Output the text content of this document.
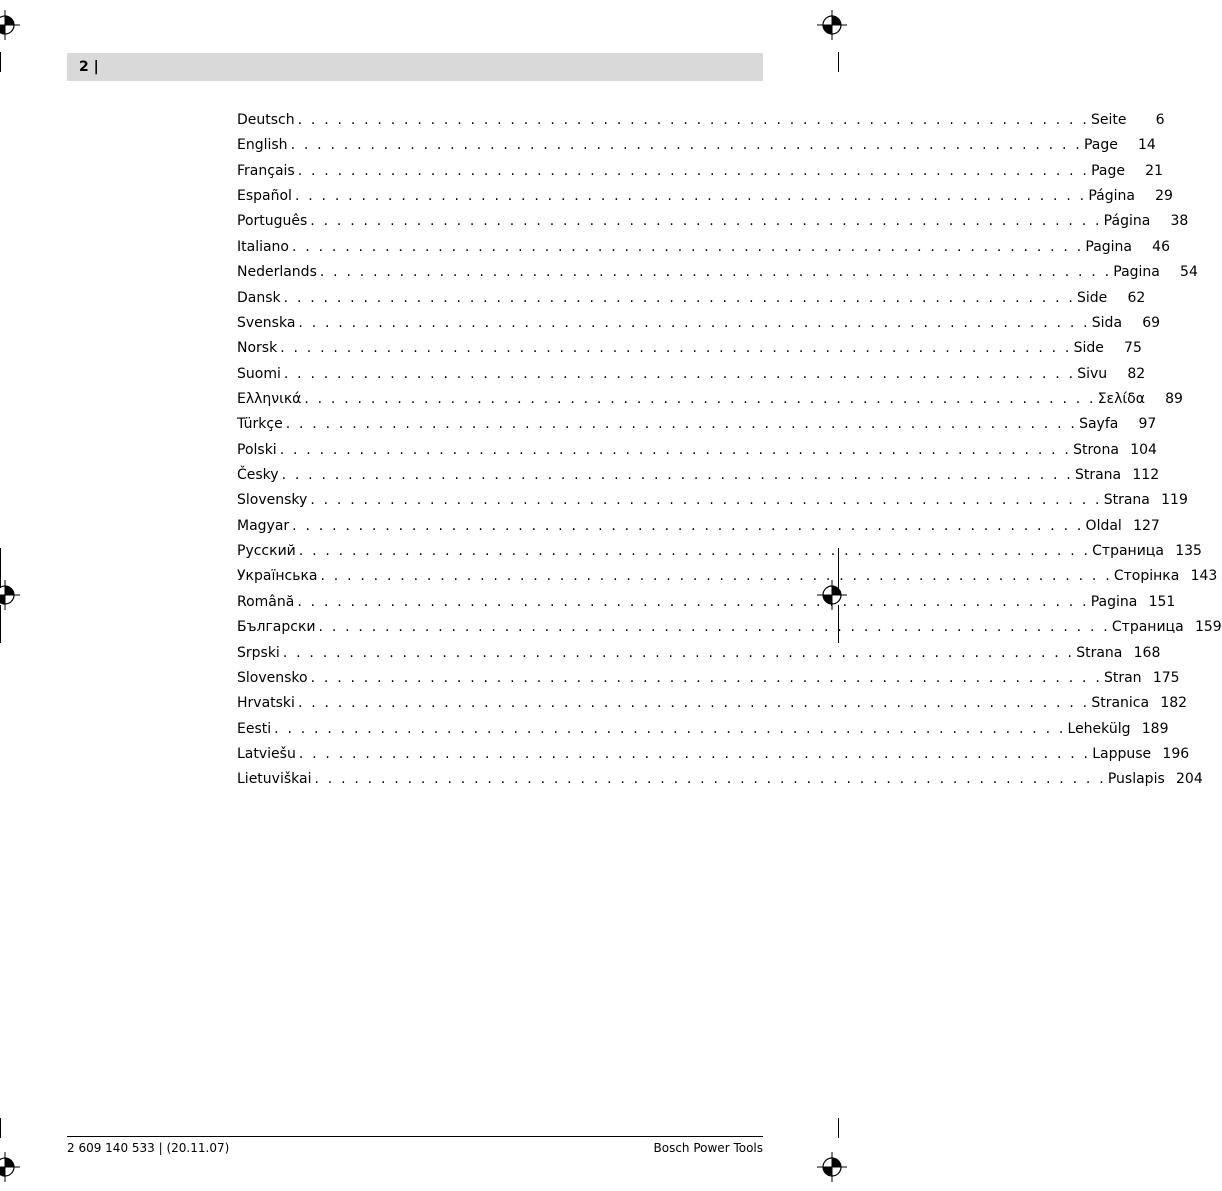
2 |
Deutsch . . . . . . . . . . . . . . . . . . . . . . . . . . . . . . . . . . . . . . . . . . . . . . . . . . . . . . . . . . . . Seite	6
English . . . . . . . . . . . . . . . . . . . . . . . . . . . . . . . . . . . . . . . . . . . . . . . . . . . . . . . . . . . . Page	14
Français . . . . . . . . . . . . . . . . . . . . . . . . . . . . . . . . . . . . . . . . . . . . . . . . . . . . . . . . . . . . Page	21
Español . . . . . . . . . . . . . . . . . . . . . . . . . . . . . . . . . . . . . . . . . . . . . . . . . . . . . . . . . . . . Página	29
Português . . . . . . . . . . . . . . . . . . . . . . . . . . . . . . . . . . . . . . . . . . . . . . . . . . . . . . . . . . . . Página	38
Italiano . . . . . . . . . . . . . . . . . . . . . . . . . . . . . . . . . . . . . . . . . . . . . . . . . . . . . . . . . . . . Pagina	46
Nederlands . . . . . . . . . . . . . . . . . . . . . . . . . . . . . . . . . . . . . . . . . . . . . . . . . . . . . . . . . . . . Pagina	54
Dansk . . . . . . . . . . . . . . . . . . . . . . . . . . . . . . . . . . . . . . . . . . . . . . . . . . . . . . . . . . . . Side	62
Svenska . . . . . . . . . . . . . . . . . . . . . . . . . . . . . . . . . . . . . . . . . . . . . . . . . . . . . . . . . . . . Sida	69
Norsk . . . . . . . . . . . . . . . . . . . . . . . . . . . . . . . . . . . . . . . . . . . . . . . . . . . . . . . . . . . . Side	75
Suomi . . . . . . . . . . . . . . . . . . . . . . . . . . . . . . . . . . . . . . . . . . . . . . . . . . . . . . . . . . . . Sivu	82
Ελληνικά . . . . . . . . . . . . . . . . . . . . . . . . . . . . . . . . . . . . . . . . . . . . . . . . . . . . . . . . . . . . Σελίδα	89
Türkçe . . . . . . . . . . . . . . . . . . . . . . . . . . . . . . . . . . . . . . . . . . . . . . . . . . . . . . . . . . . . Sayfa	97
Polski . . . . . . . . . . . . . . . . . . . . . . . . . . . . . . . . . . . . . . . . . . . . . . . . . . . . . . . . . . . . Strona 104
Česky . . . . . . . . . . . . . . . . . . . . . . . . . . . . . . . . . . . . . . . . . . . . . . . . . . . . . . . . . . . . Strana 112
Slovensky . . . . . . . . . . . . . . . . . . . . . . . . . . . . . . . . . . . . . . . . . . . . . . . . . . . . . . . . . . . . Strana 119
Magyar . . . . . . . . . . . . . . . . . . . . . . . . . . . . . . . . . . . . . . . . . . . . . . . . . . . . . . . . . . . . Oldal 127
Русский . . . . . . . . . . . . . . . . . . . . . . . . . . . . . . . . . . . . . . . . . . . . . . . . . . . . . . . . . . . . Страница 135
Українська . . . . . . . . . . . . . . . . . . . . . . . . . . . . . . . . . . . . . . . . . . . . . . . . . . . . . . . . . . . . Сторінка 143
Română . . . . . . . . . . . . . . . . . . . . . . . . . . . . . . . . . . . . . . . . . . . . . . . . . . . . . . . . . . . . Pagina 151
Български . . . . . . . . . . . . . . . . . . . . . . . . . . . . . . . . . . . . . . . . . . . . . . . . . . . . . . . . . . . . Страница 159
Srpski . . . . . . . . . . . . . . . . . . . . . . . . . . . . . . . . . . . . . . . . . . . . . . . . . . . . . . . . . . . . Strana 168
Slovensko . . . . . . . . . . . . . . . . . . . . . . . . . . . . . . . . . . . . . . . . . . . . . . . . . . . . . . . . . . . . Stran 175
Hrvatski . . . . . . . . . . . . . . . . . . . . . . . . . . . . . . . . . . . . . . . . . . . . . . . . . . . . . . . . . . . . Stranica 182
Eesti . . . . . . . . . . . . . . . . . . . . . . . . . . . . . . . . . . . . . . . . . . . . . . . . . . . . . . . . . . . . Lehekülg 189
Latviešu . . . . . . . . . . . . . . . . . . . . . . . . . . . . . . . . . . . . . . . . . . . . . . . . . . . . . . . . . . . . Lappuse 196
Lietuviškai . . . . . . . . . . . . . . . . . . . . . . . . . . . . . . . . . . . . . . . . . . . . . . . . . . . . . . . . . . . . Puslapis 204
2 609 140 533 | (20.11.07)	Bosch Power Tools
